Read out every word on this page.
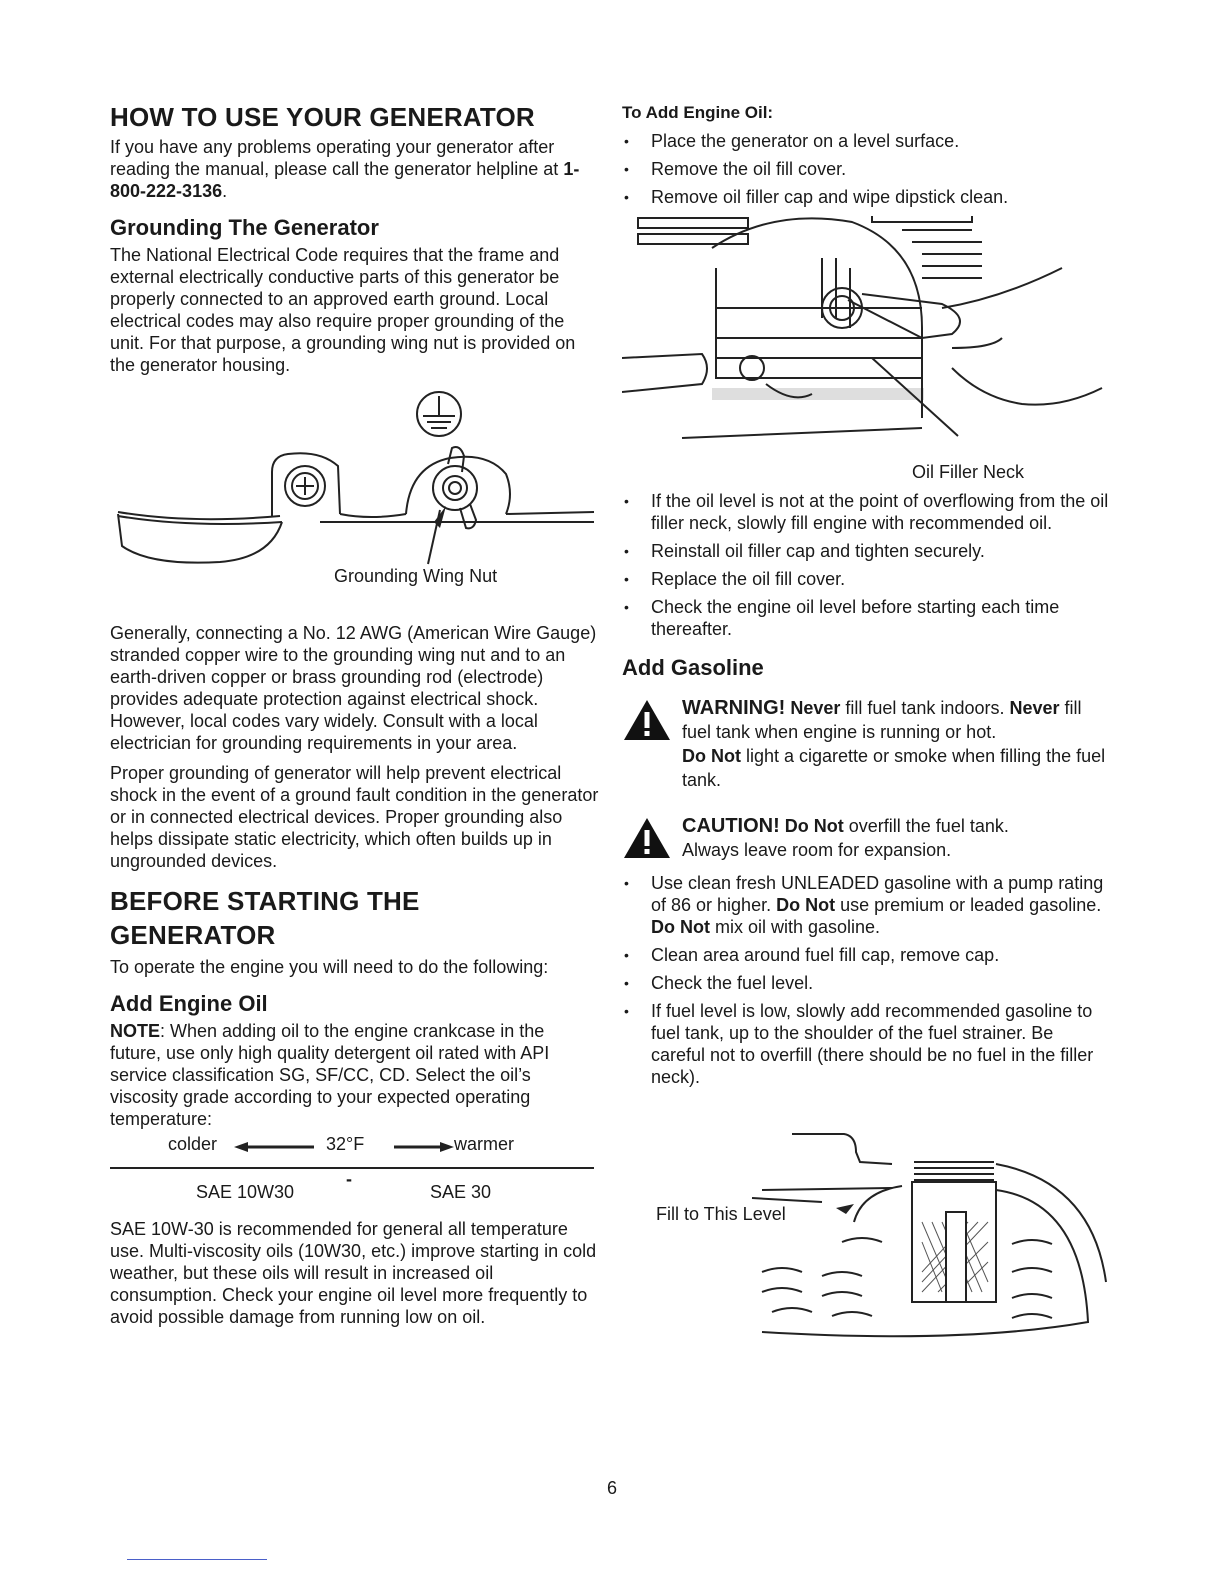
HOW TO USE YOUR GENERATOR

If you have any problems operating your generator after reading the manual, please call the generator helpline at 1-800-222-3136.

Grounding The Generator

The National Electrical Code requires that the frame and external electrically conductive parts of this generator be properly connected to an approved earth ground. Local electrical codes may also require proper grounding of the unit. For that purpose, a grounding wing nut is provided on the generator housing.

Grounding Wing Nut

Generally, connecting a No. 12 AWG (American Wire Gauge) stranded copper wire to the grounding wing nut and to an earth-driven copper or brass grounding rod (electrode) provides adequate protection against electrical shock. However, local codes vary widely. Consult with a local electrician for grounding requirements in your area.

Proper grounding of generator will help prevent electrical shock in the event of a ground fault condition in the generator or in connected electrical devices. Proper grounding also helps dissipate static electricity, which often builds up in ungrounded devices.

BEFORE STARTING THE
GENERATOR

To operate the engine you will need to do the following:

Add Engine Oil

NOTE: When adding oil to the engine crankcase in the future, use only high quality detergent oil rated with API service classification SG, SF/CC, CD. Select the oil’s viscosity grade according to your expected operating temperature:

colder	32°F	warmer
-
SAE 10W30	SAE 30

SAE 10W-30 is recommended for general all temperature use. Multi-viscosity oils (10W30, etc.) improve starting in cold weather, but these oils will result in increased oil consumption. Check your engine oil level more frequently to avoid possible damage from running low on oil.

To Add Engine Oil:
• Place the generator on a level surface.
• Remove the oil fill cover.
• Remove oil filler cap and wipe dipstick clean.
Oil Filler Neck
• If the oil level is not at the point of overflowing from the oil filler neck, slowly fill engine with recommended oil.
• Reinstall oil filler cap and tighten securely.
• Replace the oil fill cover.
• Check the engine oil level before starting each time thereafter.
Add Gasoline

WARNING! Never fill fuel tank indoors. Never fill fuel tank when engine is running or hot.
Do Not light a cigarette or smoke when filling the fuel tank.

CAUTION! Do Not overfill the fuel tank.
Always leave room for expansion.

• Use clean fresh UNLEADED gasoline with a pump rating of 86 or higher. Do Not use premium or leaded gasoline. Do Not mix oil with gasoline.
• Clean area around fuel fill cap, remove cap.
• Check the fuel level.
• If fuel level is low, slowly add recommended gasoline to fuel tank, up to the shoulder of the fuel strainer. Be careful not to overfill (there should be no fuel in the filler neck).
Fill to This Level
6
